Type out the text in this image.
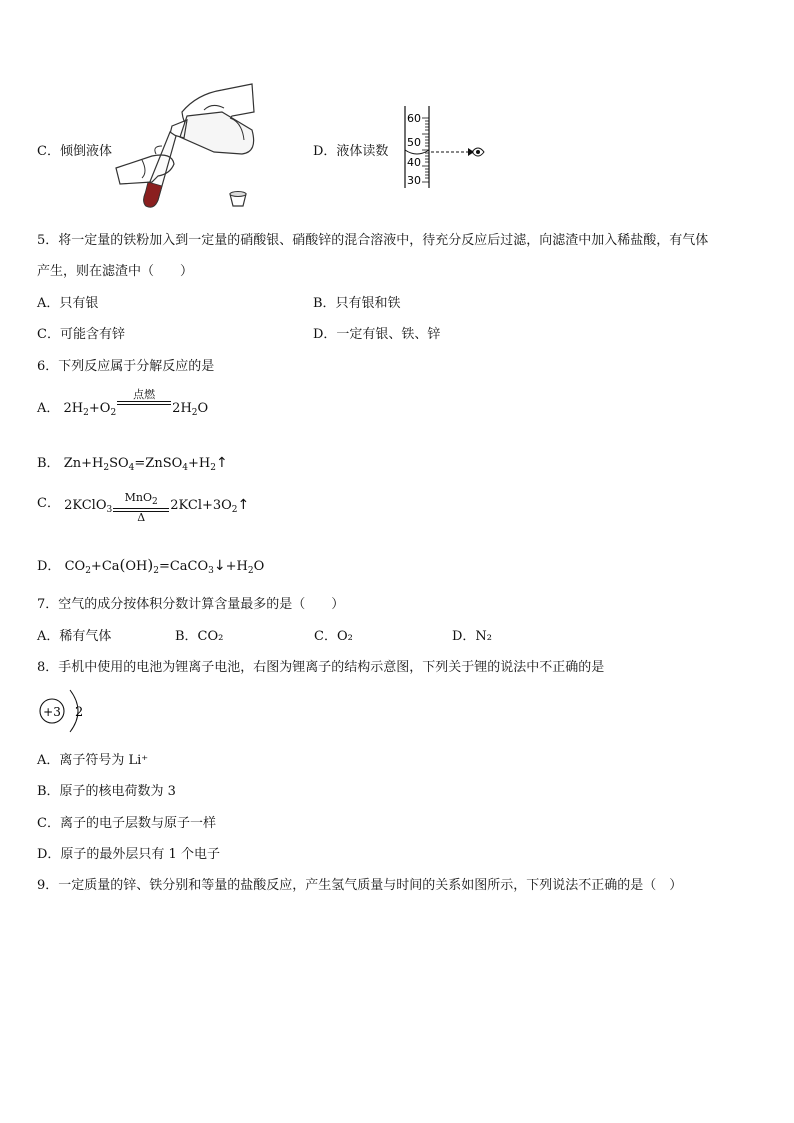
C．倾倒液体	D．液体读数
60
50
40
30
5．将一定量的铁粉加入到一定量的硝酸银、硝酸锌的混合溶液中，待充分反应后过滤，向滤渣中加入稀盐酸，有气体
产生，则在滤渣中（　　）
A．只有银	B．只有银和铁
C．可能含有锌	D．一定有银、铁、锌
6．下列反应属于分解反应的是
A． $2H_2+O_2$
点燃

$2H_2O$
B． $Zn+H_2SO_4=ZnSO_4+H_2↑$
C． 2KClO$_3$
MnO$_2$
Δ
$2KCl+3O_2↑$
D． $CO_2+Ca(OH)_2=CaCO_3↓+H_2O$
7．空气的成分按体积分数计算含量最多的是（　　）
A．稀有气体	B．CO₂	C．O₂	D．N₂
8．手机中使用的电池为锂离子电池，右图为锂离子的结构示意图，下列关于锂的说法中不正确的是
+3 2
A．离子符号为 Li⁺
B．原子的核电荷数为 3
C．离子的电子层数与原子一样
D．原子的最外层只有 1 个电子
9．一定质量的锌、铁分别和等量的盐酸反应，产生氢气质量与时间的关系如图所示，下列说法不正确的是（　）
